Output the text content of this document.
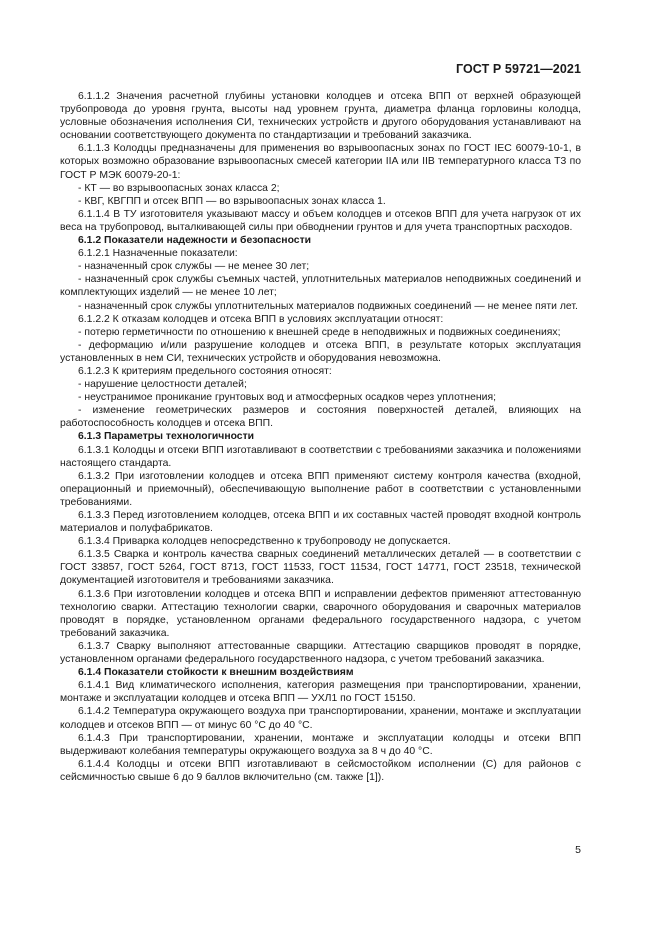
ГОСТ Р 59721—2021

6.1.1.2 Значения расчетной глубины установки колодцев и отсека ВПП от верхней образующей трубопровода до уровня грунта, высоты над уровнем грунта, диаметра фланца горловины колодца, условные обозначения исполнения СИ, технических устройств и другого оборудования устанавливают на основании соответствующего документа по стандартизации и требований заказчика.

6.1.1.3 Колодцы предназначены для применения во взрывоопасных зонах по ГОСТ IEC 60079-10-1, в которых возможно образование взрывоопасных смесей категории IIA или IIB температурного класса Т3 по ГОСТ Р МЭК 60079-20-1:

- КТ — во взрывоопасных зонах класса 2;

- КВГ, КВГПП и отсек ВПП — во взрывоопасных зонах класса 1.

6.1.1.4 В ТУ изготовителя указывают массу и объем колодцев и отсеков ВПП для учета нагрузок от их веса на трубопровод, выталкивающей силы при обводнении грунтов и для учета транспортных расходов.

6.1.2 Показатели надежности и безопасности

6.1.2.1 Назначенные показатели:

- назначенный срок службы — не менее 30 лет;

- назначенный срок службы съемных частей, уплотнительных материалов неподвижных соединений и комплектующих изделий — не менее 10 лет;

- назначенный срок службы уплотнительных материалов подвижных соединений — не менее пяти лет.

6.1.2.2 К отказам колодцев и отсека ВПП в условиях эксплуатации относят:

- потерю герметичности по отношению к внешней среде в неподвижных и подвижных соединениях;

- деформацию и/или разрушение колодцев и отсека ВПП, в результате которых эксплуатация установленных в нем СИ, технических устройств и оборудования невозможна.

6.1.2.3 К критериям предельного состояния относят:

- нарушение целостности деталей;

- неустранимое проникание грунтовых вод и атмосферных осадков через уплотнения;

- изменение геометрических размеров и состояния поверхностей деталей, влияющих на работоспособность колодцев и отсека ВПП.

6.1.3 Параметры технологичности

6.1.3.1 Колодцы и отсеки ВПП изготавливают в соответствии с требованиями заказчика и положениями настоящего стандарта.

6.1.3.2 При изготовлении колодцев и отсека ВПП применяют систему контроля качества (входной, операционный и приемочный), обеспечивающую выполнение работ в соответствии с установленными требованиями.

6.1.3.3 Перед изготовлением колодцев, отсека ВПП и их составных частей проводят входной контроль материалов и полуфабрикатов.

6.1.3.4 Приварка колодцев непосредственно к трубопроводу не допускается.

6.1.3.5 Сварка и контроль качества сварных соединений металлических деталей — в соответствии с ГОСТ 33857, ГОСТ 5264, ГОСТ 8713, ГОСТ 11533, ГОСТ 11534, ГОСТ 14771, ГОСТ 23518, технической документацией изготовителя и требованиями заказчика.

6.1.3.6 При изготовлении колодцев и отсека ВПП и исправлении дефектов применяют аттестованную технологию сварки. Аттестацию технологии сварки, сварочного оборудования и сварочных материалов проводят в порядке, установленном органами федерального государственного надзора, с учетом требований заказчика.

6.1.3.7 Сварку выполняют аттестованные сварщики. Аттестацию сварщиков проводят в порядке, установленном органами федерального государственного надзора, с учетом требований заказчика.

6.1.4 Показатели стойкости к внешним воздействиям

6.1.4.1 Вид климатического исполнения, категория размещения при транспортировании, хранении, монтаже и эксплуатации колодцев и отсека ВПП — УХЛ1 по ГОСТ 15150.

6.1.4.2 Температура окружающего воздуха при транспортировании, хранении, монтаже и эксплуатации колодцев и отсеков ВПП — от минус 60 °С до 40 °С.

6.1.4.3 При транспортировании, хранении, монтаже и эксплуатации колодцы и отсеки ВПП выдерживают колебания температуры окружающего воздуха за 8 ч до 40 °С.

6.1.4.4 Колодцы и отсеки ВПП изготавливают в сейсмостойком исполнении (С) для районов с сейсмичностью свыше 6 до 9 баллов включительно (см. также [1]).

5
